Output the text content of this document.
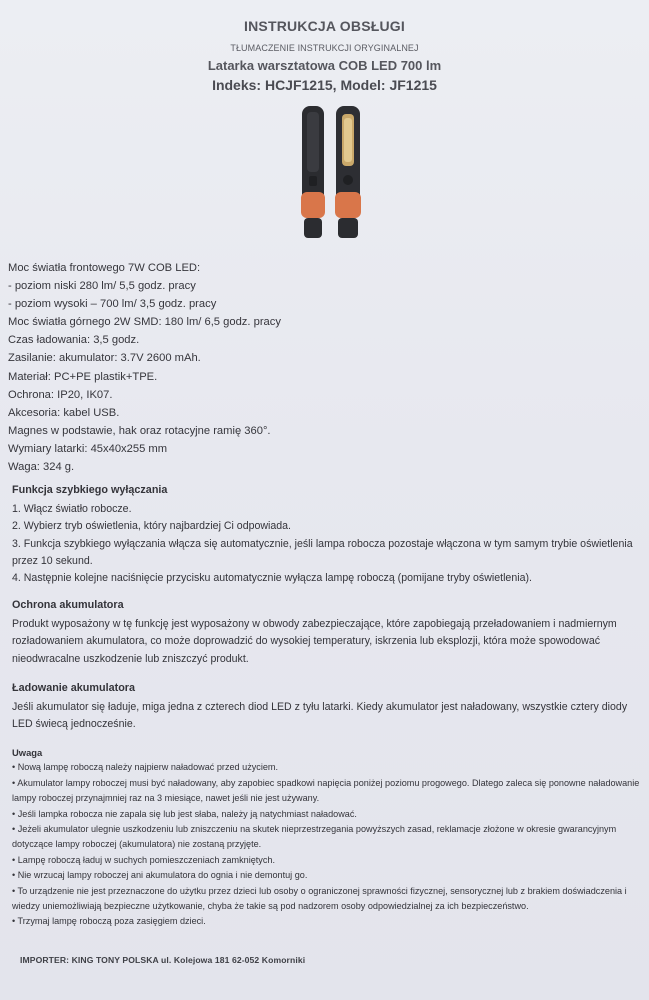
INSTRUKCJA OBSŁUGI
TŁUMACZENIE INSTRUKCJI ORYGINALNEJ
Latarka warsztatowa COB LED 700 lm
Indeks: HCJF1215, Model: JF1215
Moc światła frontowego 7W COB LED:
- poziom niski 280 lm/ 5,5 godz. pracy
- poziom wysoki – 700 lm/ 3,5 godz. pracy
Moc światła górnego 2W SMD: 180 lm/ 6,5 godz. pracy
Czas ładowania: 3,5 godz.
Zasilanie: akumulator: 3.7V 2600 mAh.
Materiał: PC+PE plastik+TPE.
Ochrona: IP20, IK07.
Akcesoria: kabel USB.
Magnes w podstawie, hak oraz rotacyjne ramię 360°.
Wymiary latarki: 45x40x255 mm
Waga: 324 g.
Funkcja szybkiego wyłączania
1. Włącz światło robocze.
2. Wybierz tryb oświetlenia, który najbardziej Ci odpowiada.
3. Funkcja szybkiego wyłączania włącza się automatycznie, jeśli lampa robocza pozostaje włączona w tym samym trybie oświetlenia przez 10 sekund.
4. Następnie kolejne naciśnięcie przycisku automatycznie wyłącza lampę roboczą (pomijane tryby oświetlenia).
Ochrona akumulatora
Produkt wyposażony w tę funkcję jest wyposażony w obwody zabezpieczające, które zapobiegają przeładowaniem i nadmiernym rozładowaniem akumulatora, co może doprowadzić do wysokiej temperatury, iskrzenia lub eksplozji, która może spowodować nieodwracalne uszkodzenie lub zniszczyć produkt.
Ładowanie akumulatora
Jeśli akumulator się ładuje, miga jedna z czterech diod LED z tyłu latarki. Kiedy akumulator jest naładowany, wszystkie cztery diody LED świecą jednocześnie.
Uwaga
• Nową lampę roboczą należy najpierw naładować przed użyciem.
• Akumulator lampy roboczej musi być naładowany, aby zapobiec spadkowi napięcia poniżej poziomu progowego. Dlatego zaleca się ponowne naładowanie lampy roboczej przynajmniej raz na 3 miesiące, nawet jeśli nie jest używany.
• Jeśli lampka robocza nie zapala się lub jest słaba, należy ją natychmiast naładować.
• Jeżeli akumulator ulegnie uszkodzeniu lub zniszczeniu na skutek nieprzestrzegania powyższych zasad, reklamacje złożone w okresie gwarancyjnym dotyczące lampy roboczej (akumulatora) nie zostaną przyjęte.
• Lampę roboczą ładuj w suchych pomieszczeniach zamkniętych.
• Nie wrzucaj lampy roboczej ani akumulatora do ognia i nie demontuj go.
• To urządzenie nie jest przeznaczone do użytku przez dzieci lub osoby o ograniczonej sprawności fizycznej, sensorycznej lub z brakiem doświadczenia i wiedzy uniemożliwiają bezpieczne użytkowanie, chyba że takie są pod nadzorem osoby odpowiedzialnej za ich bezpieczeństwo.
• Trzymaj lampę roboczą poza zasięgiem dzieci.
IMPORTER: KING TONY POLSKA ul. Kolejowa 181 62-052 Komorniki
